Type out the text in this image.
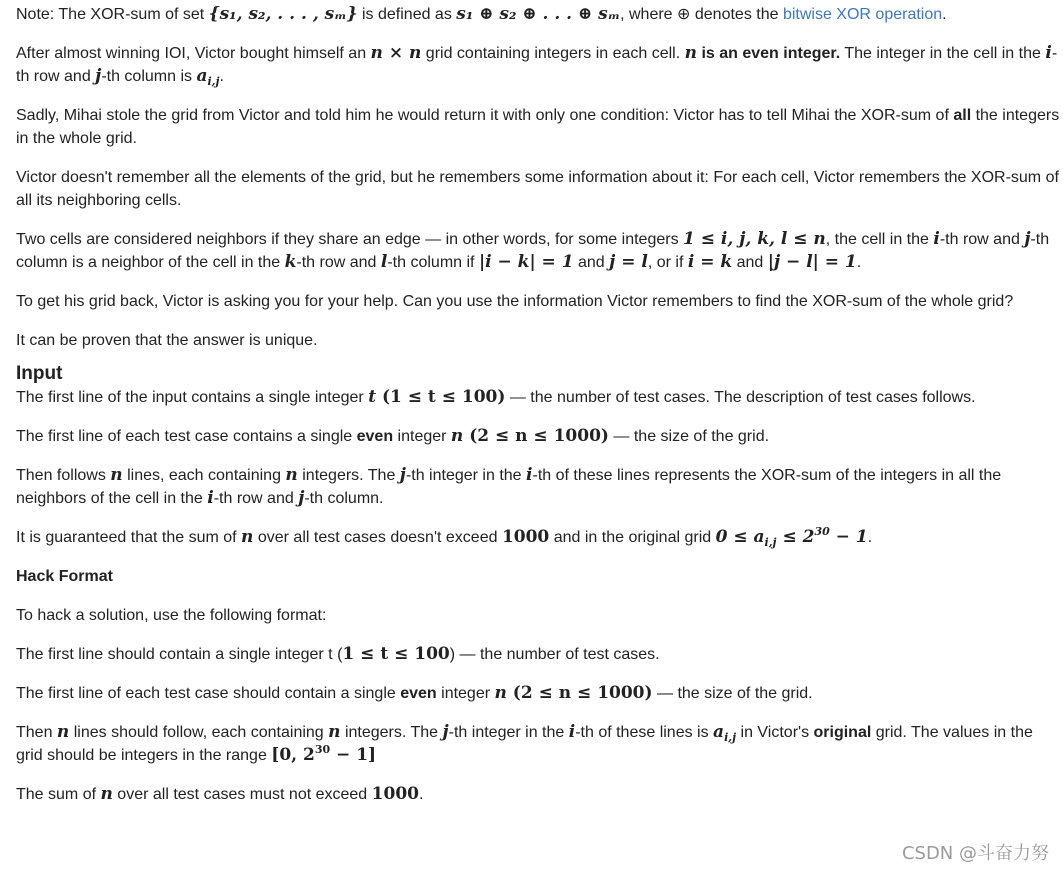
Note: The XOR-sum of set {s₁, s₂, . . . , sₘ} is defined as s₁ ⊕ s₂ ⊕ . . . ⊕ sₘ, where ⊕ denotes the bitwise XOR operation.

After almost winning IOI, Victor bought himself an n × n grid containing integers in each cell. n is an even integer. The integer in the cell in the i-th row and j-th column is $a_{i,j}$.

Sadly, Mihai stole the grid from Victor and told him he would return it with only one condition: Victor has to tell Mihai the XOR-sum of all the integers in the whole grid.

Victor doesn't remember all the elements of the grid, but he remembers some information about it: For each cell, Victor remembers the XOR-sum of all its neighboring cells.

Two cells are considered neighbors if they share an edge — in other words, for some integers 1 ≤ i, j, k, l ≤ n, the cell in the i-th row and j-th column is a neighbor of the cell in the k-th row and l-th column if |i − k| = 1 and j = l, or if i = k and |j − l| = 1.

To get his grid back, Victor is asking you for your help. Can you use the information Victor remembers to find the XOR-sum of the whole grid?

It can be proven that the answer is unique.

Input

The first line of the input contains a single integer t (1 ≤ t ≤ 100) — the number of test cases. The description of test cases follows.

The first line of each test case contains a single even integer n (2 ≤ n ≤ 1000) — the size of the grid.

Then follows n lines, each containing n integers. The j-th integer in the i-th of these lines represents the XOR-sum of the integers in all the neighbors of the cell in the i-th row and j-th column.

It is guaranteed that the sum of n over all test cases doesn't exceed 1000 and in the original grid $0 \le a_{i,j} \le 2^{30} - 1$.

Hack Format

To hack a solution, use the following format:

The first line should contain a single integer t (1 ≤ t ≤ 100) — the number of test cases.

The first line of each test case should contain a single even integer n (2 ≤ n ≤ 1000) — the size of the grid.

Then n lines should follow, each containing n integers. The j-th integer in the i-th of these lines is $a_{i,j}$ in Victor's original grid. The values in the grid should be integers in the range [0, $2^{30} - 1$]

The sum of n over all test cases must not exceed 1000.

CSDN @斗奋力努
